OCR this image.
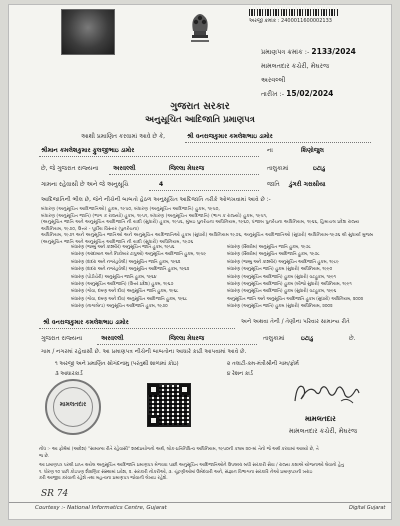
અરજી ક્રમાંક : 2400011600002133
પ્રમાણપત્ર ક્રમાંક :- 2133/2024
મામલતદાર કચેરી, મેઘરજ
અરવલ્લી
તારીખ :- 15/02/2024
ગુજરાત સરકાર
અનુસૂચિત આદિજાતિ પ્રમાણપત્ર
આથી પ્રમાણિત કરવામાં આવે છે કે,	શ્રી વનરાજકુમાર કમલેશભાઇ ડામોર
શ્રીમાન કમલેશકુમાર ફુલજીભાઇ ડામોર	ના	શિણોજુલ
છે, જે ગુજરાત રાજ્યના અરવલ્લી	જિલ્લા મેઘરજ	તાલુકામાં	ઇટાડુ
ગામના રહેવાસી છે અને જે અનુસૂચિ	4	જાતિ ડુંગરી ગરાસીયા
આદિજાતિની ભીલ છે, જેને નીચેની બાબતો હેઠળ અનુસૂચિત આદિજાતિ તરીકે ઓળખવામાં આવે છે :-
બંધારણ (અનુસૂચિત આદિજાતિઓ) હુકમ, ૧૯૫૦, બંધારણ (અનુસૂચિત આદિજાતિ) હુકમ, ૧૯૫૦,
બંધારણ (અનુસૂચિત જાતિ) (ભાગ ક રાજ્યો) હુકમ, ૧૯૫૧, બંધારણ (અનુસૂચિત આદિજાતિ) (ભાગ ક રાજ્યો) હુકમ, ૧૯૫૧,
(અનુસૂચિત જાતિ અને અનુસૂચિત આદિજાતિ ની યાદી (સુધારો) હુકમ, ૧૯૫૬, મુંબઇ પુનર્રચના અધિનિયમ, ૧૯૬૦, પંજાબ પુનર્રચના અધિનિયમ, ૧૯૬૬, હિમાચલ પ્રદેશ રાજ્ય અધિનિયમ, ૧૯૭૦, ઉત્તર - પૂર્વીય વિસ્તાર (પુનર્રચના)
અધિનિયમ, ૧૯૭૧ અને અનુસૂચિત જાતિઓ અને અનુસૂચિત આદિજાતિઓ હુકમ (સુધારો) અધિનિયમ ૧૯૭૬, અનુસૂચિત આદિજાતિઓ (સુધારો) અધિનિયમ-૧૯૭૬ થી સુધાર્યા મુજબ
(અનુસૂચિત જાતિ અને અનુસૂચિત આદિજાતિ ની યાદી (સુધારો) અધિનિયમ, ૧૯૭૬
બંધારણ (જમ્મુ અને કાશ્મીર) અનુસૂચિત જાતિ હુકમ, ૧૯૫૬
બંધારણ (આંદામાન અને નિકોબાર ટાપુઓ) અનુસૂચિત આદિજાતિ હુકમ, ૧૯૫૯
બંધારણ (દાદરા અને નગરહવેલી) અનુસૂચિત જાતિ હુકમ, ૧૯૬૨
બંધારણ (દાદરા અને નગરહવેલી) અનુસૂચિત આદિજાતિ હુકમ, ૧૯૬૨
બંધારણ (પોંડીચેરી) અનુસૂચિત જાતિ હુકમ, ૧૯૬૪
બંધારણ (અનુસૂચિત આદિજાતિ) (ઉત્તર પ્રદેશ) હુકમ, ૧૯૬૭
બંધારણ (ગોવા, દમણ અને દીવ) અનુસૂચિત જાતિ હુકમ, ૧૯૬૮
બંધારણ (ગોવા, દમણ અને દીવ) અનુસૂચિત આદિજાતિ હુકમ, ૧૯૬૮
બંધારણ (નાગાલેન્ડ) અનુસૂચિત આદિજાતિ હુકમ, ૧૯૭૦
બંધારણ (સિક્કીમ) અનુસૂચિત જાતિ હુકમ, ૧૯૭૮
બંધારણ (સિક્કીમ) અનુસૂચિત આદિજાતિ હુકમ, ૧૯૭૮
બંધારણ (જમ્મુ અને કાશ્મીર) અનુસૂચિત આદિજાતિ હુકમ, ૧૯૮૯
બંધારણ (અનુસૂચિત જાતિ) હુકમ (સુધારો) અધિનિયમ, ૧૯૯૦
બંધારણ (અનુસૂચિત આદિજાતિ) હુકમ (સુધારો) વટહુકમ, ૧૯૯૧
બંધારણ (અનુસૂચિત આદિજાતિ) હુકમ (બીજો સુધારો) અધિનિયમ, ૧૯૯૧
બંધારણ (અનુસૂચિત આદિજાતિ) હુકમ (સુધારો) વટહુકમ, ૧૯૯૬
અનુસૂચિત જાતિ અને અનુસૂચિત આદિજાતિ હુકમ (સુધારો) અધિનિયમ, ૨૦૦૨
બંધારણ (અનુસૂચિત જાતિ) હુકમ (સુધારો) અધિનિયમ, ૨૦૦૨
શ્રી વનરાજકુમાર કમલેશભાઇ ડામોર	અને અથવા તેની / તેણીના પરિવાર સામાન્ય રીતે
ગુજરાત રાજ્યના	અરવલ્લી	જિલ્લા મેઘરજ	તાલુકામાં	ઇટાડુ	છે.
ગામ / નગરમાં રહેવાસી છે. આ પ્રમાણપત્ર નીચેની બાબતોના આધારે કાઢી આપવામાં આવે છે.
૧ અરજી અને પ્રમાણિત સોગંદનામુ (પરંતુથી શાળામાં કોઇ)	૨ તલાટી-કમ-મંત્રીશ્રીની ગામ/ફોર્મ
૩ આધારકાર્ડ	૪ રેશન કાર્ડ
મામલતદાર
મામલતદાર
મામલતદાર કચેરી, મેઘરજ
નોંધ :- આ ફોર્મમાં (આદેશ) "સામાન્ય રીતે રહેવાસી" શબ્દપ્રયોગનો અર્થ, લોક-પ્રતિનિધિત્વ અધિનિયમ, ૧૯૫૦ની કલમ ૨૦-માં તેનો જે અર્થ કરવામાં આવ્યો છે, તે
જ છે.
આ પ્રમાણપત્ર પરથી પ્રાપ્ત થયેલ અનુસૂચિત આદિજાતિ પ્રમાણપત્ર મેળવવા પાછી અનુસૂચિત આદિજાતિઓને ઉપલબ્ધ બધી સરકારી સેવા / રાજ્ય કક્ષાએ યોજનાઓ લેવાનો હેતુ
૧. ધોરણ ૧૦ પછી કોઇપણ શૈક્ષણિક સંસ્થામાં પ્રવેશ, ૨. સરકારી નોકરીઓ, ૩. ચૂંટણીઓમાં ઉમેદવારી અને, સંજ્ઞાન વિભાગના સરકારિ નેઓ પ્રમાણપત્રની ખરાઇ
કરી આજીવ કરવાની રહેશે તથા મહત્વના પ્રમાણપત્ર જોવાની લેખાઇ રહેશે.
SR 74
Courtesy :- National Informatics Centre, Gujarat	Digital Gujarat
